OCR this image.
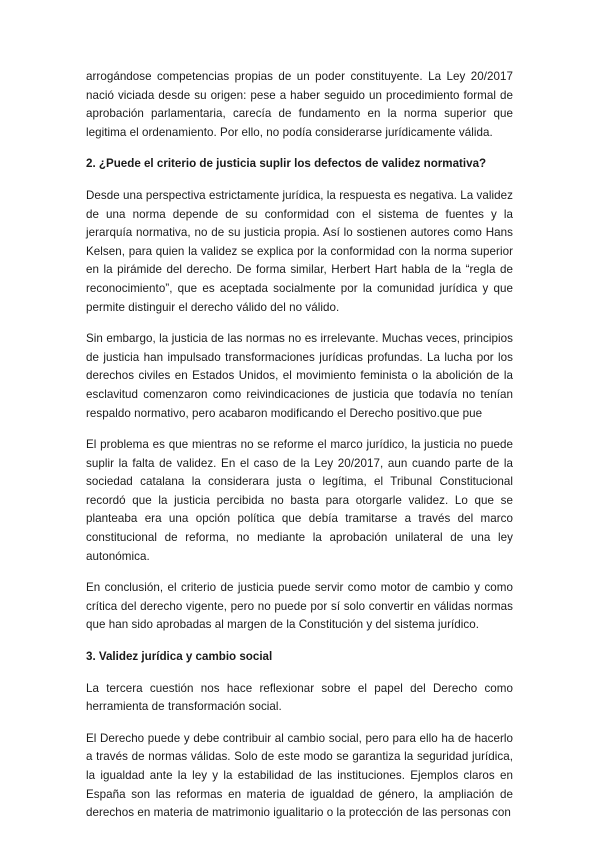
arrogándose competencias propias de un poder constituyente. La Ley 20/2017 nació viciada desde su origen: pese a haber seguido un procedimiento formal de aprobación parlamentaria, carecía de fundamento en la norma superior que legitima el ordenamiento. Por ello, no podía considerarse jurídicamente válida.

2. ¿Puede el criterio de justicia suplir los defectos de validez normativa?

Desde una perspectiva estrictamente jurídica, la respuesta es negativa. La validez de una norma depende de su conformidad con el sistema de fuentes y la jerarquía normativa, no de su justicia propia. Así lo sostienen autores como Hans Kelsen, para quien la validez se explica por la conformidad con la norma superior en la pirámide del derecho. De forma similar, Herbert Hart habla de la “regla de reconocimiento”, que es aceptada socialmente por la comunidad jurídica y que permite distinguir el derecho válido del no válido.

Sin embargo, la justicia de las normas no es irrelevante. Muchas veces, principios de justicia han impulsado transformaciones jurídicas profundas. La lucha por los derechos civiles en Estados Unidos, el movimiento feminista o la abolición de la esclavitud comenzaron como reivindicaciones de justicia que todavía no tenían respaldo normativo, pero acabaron modificando el Derecho positivo.que pue

El problema es que mientras no se reforme el marco jurídico, la justicia no puede suplir la falta de validez. En el caso de la Ley 20/2017, aun cuando parte de la sociedad catalana la considerara justa o legítima, el Tribunal Constitucional recordó que la justicia percibida no basta para otorgarle validez. Lo que se planteaba era una opción política que debía tramitarse a través del marco constitucional de reforma, no mediante la aprobación unilateral de una ley autonómica.

En conclusión, el criterio de justicia puede servir como motor de cambio y como crítica del derecho vigente, pero no puede por sí solo convertir en válidas normas que han sido aprobadas al margen de la Constitución y del sistema jurídico.

3. Validez jurídica y cambio social

La tercera cuestión nos hace reflexionar sobre el papel del Derecho como herramienta de transformación social.

El Derecho puede y debe contribuir al cambio social, pero para ello ha de hacerlo a través de normas válidas. Solo de este modo se garantiza la seguridad jurídica, la igualdad ante la ley y la estabilidad de las instituciones. Ejemplos claros en España son las reformas en materia de igualdad de género, la ampliación de derechos en materia de matrimonio igualitario o la protección de las personas con
